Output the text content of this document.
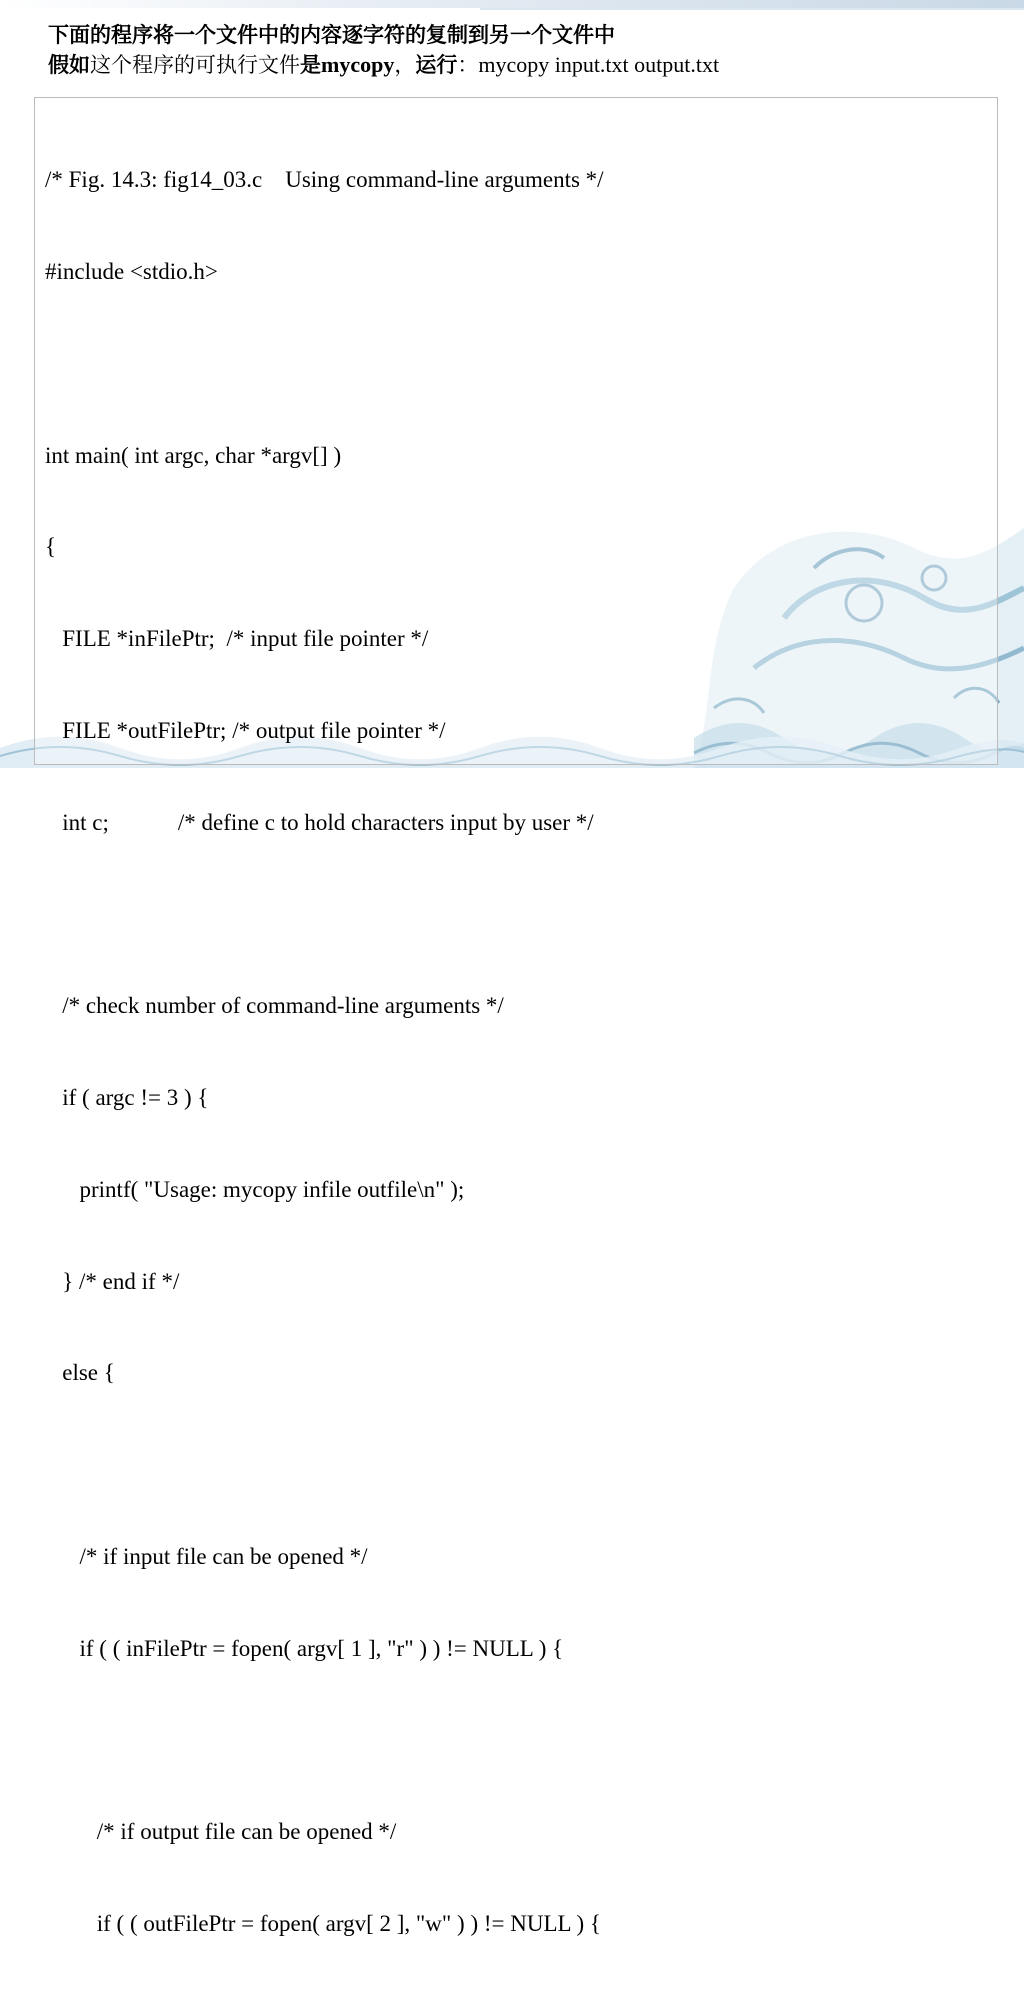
下面的程序将一个文件中的内容逐字符的复制到另一个文件中
假如这个程序的可执行文件是mycopy，运行：mycopy input.txt output.txt

/* Fig. 14.3: fig14_03.c    Using command-line arguments */

#include <stdio.h>

int main( int argc, char *argv[] )

{

FILE *inFilePtr;  /* input file pointer */

FILE *outFilePtr; /* output file pointer */

int c;            /* define c to hold characters input by user */

/* check number of command-line arguments */

if ( argc != 3 ) {

printf( "Usage: mycopy infile outfile\n" );

} /* end if */

else {

/* if input file can be opened */

if ( ( inFilePtr = fopen( argv[ 1 ], "r" ) ) != NULL ) {

/* if output file can be opened */

if ( ( outFilePtr = fopen( argv[ 2 ], "w" ) ) != NULL ) {
